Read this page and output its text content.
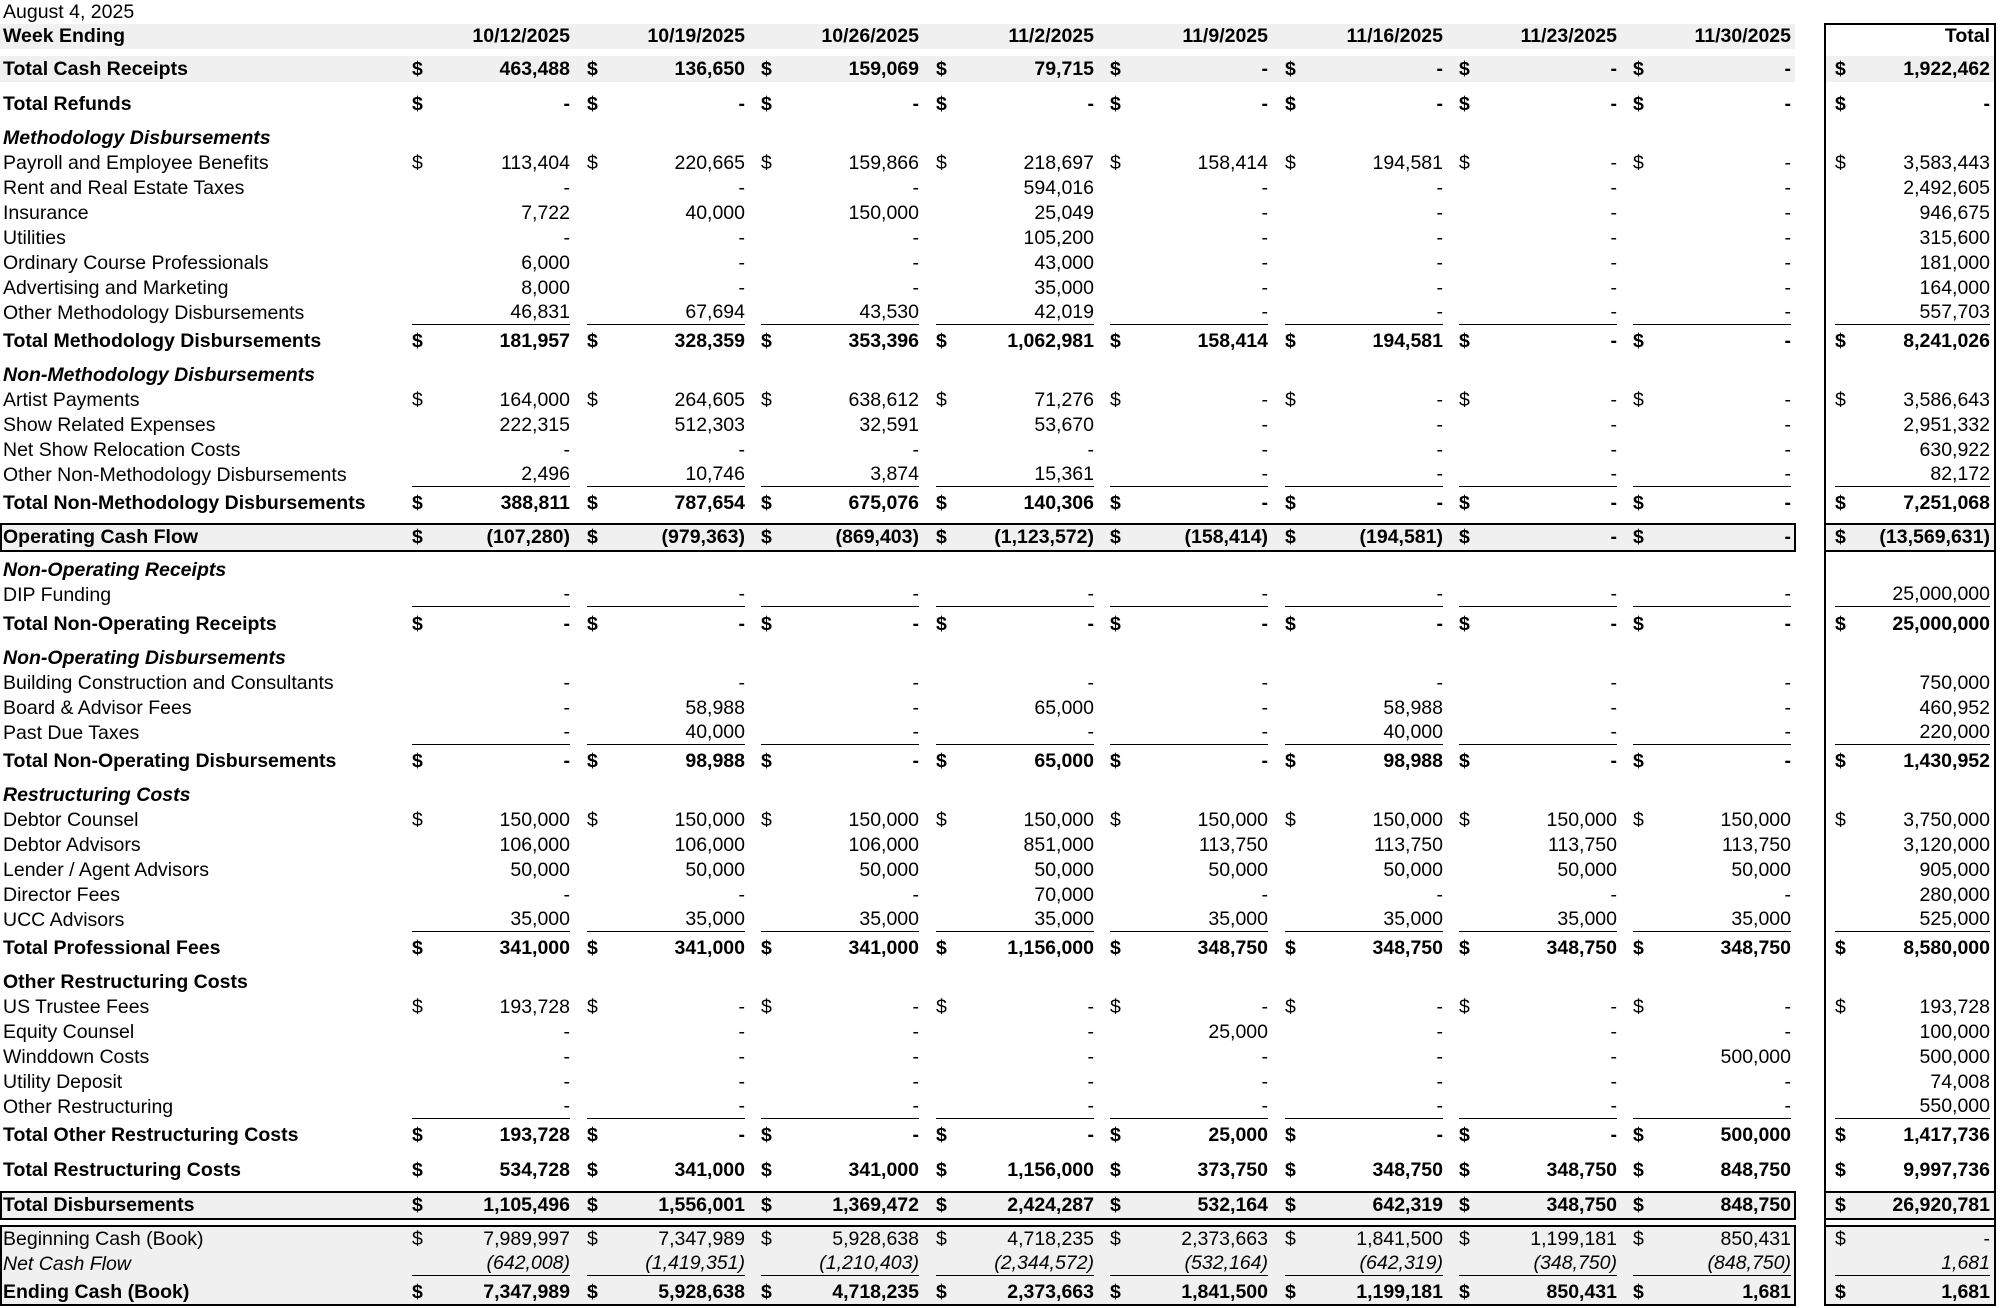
August 4, 2025
Week Ending	10/12/2025	10/19/2025	10/26/2025	11/2/2025	11/9/2025	11/16/2025	11/23/2025	11/30/2025	Total
Total Cash Receipts	$	463,488 $	136,650 $	159,069 $	79,715 $	- $	- $	- $	- $	1,922,462
Total Refunds	$	- $	- $	- $	- $	- $	- $	- $	- $	-
Methodology Disbursements
Payroll and Employee Benefits	$	113,404 $	220,665 $	159,866 $	218,697 $	158,414 $	194,581 $	- $	- $	3,583,443
Rent and Real Estate Taxes	-	-	-	594,016	-	-	-	-	2,492,605
Insurance	7,722	40,000	150,000	25,049	-	-	-	-	946,675
Utilities	-	-	-	105,200	-	-	-	-	315,600
Ordinary Course Professionals	6,000	-	-	43,000	-	-	-	-	181,000
Advertising and Marketing	8,000	-	-	35,000	-	-	-	-	164,000
Other Methodology Disbursements	46,831	67,694	43,530	42,019	-	-	-	-	557,703
Total Methodology Disbursements	$	181,957 $	328,359 $	353,396 $	1,062,981 $	158,414 $	194,581 $	- $	- $	8,241,026
Non-Methodology Disbursements
Artist Payments	$	164,000 $	264,605 $	638,612 $	71,276 $	- $	- $	- $	- $	3,586,643
Show Related Expenses	222,315	512,303	32,591	53,670	-	-	-	-	2,951,332
Net Show Relocation Costs	-	-	-	-	-	-	-	-	630,922
Other Non-Methodology Disbursements	2,496	10,746	3,874	15,361	-	-	-	-	82,172
Total Non-Methodology Disbursements $	388,811 $	787,654 $	675,076 $	140,306 $	- $	- $	- $	- $	7,251,068
Operating Cash Flow	$	(107,280) $	(979,363) $	(869,403) $	(1,123,572) $	(158,414) $	(194,581) $	- $	- $	(13,569,631)
Non-Operating Receipts
DIP Funding	-	-	-	-	-	-	-	-	25,000,000
Total Non-Operating Receipts	$	- $	- $	- $	- $	- $	- $	- $	- $	25,000,000
Non-Operating Disbursements
Building Construction and Consultants	-	-	-	-	-	-	-	-	750,000
Board & Advisor Fees	-	58,988	-	65,000	-	58,988	-	-	460,952
Past Due Taxes	-	40,000	-	-	-	40,000	-	-	220,000
Total Non-Operating Disbursements	$	- $	98,988 $	- $	65,000 $	- $	98,988 $	- $	- $	1,430,952
Restructuring Costs
Debtor Counsel	$	150,000 $	150,000 $	150,000 $	150,000 $	150,000 $	150,000 $	150,000 $	150,000 $	3,750,000
Debtor Advisors	106,000	106,000	106,000	851,000	113,750	113,750	113,750	113,750	3,120,000
Lender / Agent Advisors	50,000	50,000	50,000	50,000	50,000	50,000	50,000	50,000	905,000
Director Fees	-	-	-	70,000	-	-	-	-	280,000
UCC Advisors	35,000	35,000	35,000	35,000	35,000	35,000	35,000	35,000	525,000
Total Professional Fees	$	341,000 $	341,000 $	341,000 $	1,156,000 $	348,750 $	348,750 $	348,750 $	348,750 $	8,580,000
Other Restructuring Costs
US Trustee Fees	$	193,728 $	- $	- $	- $	- $	- $	- $	- $	193,728
Equity Counsel	-	-	-	-	25,000	-	-	-	100,000
Winddown Costs	-	-	-	-	-	-	-	500,000	500,000
Utility Deposit	-	-	-	-	-	-	-	-	74,008
Other Restructuring	-	-	-	-	-	-	-	-	550,000
Total Other Restructuring Costs	$	193,728 $	- $	- $	- $	25,000 $	- $	- $	500,000 $	1,417,736
Total Restructuring Costs	$	534,728 $	341,000 $	341,000 $	1,156,000 $	373,750 $	348,750 $	348,750 $	848,750 $	9,997,736
Total Disbursements	$	1,105,496 $	1,556,001 $	1,369,472 $	2,424,287 $	532,164 $	642,319 $	348,750 $	848,750 $	26,920,781
Beginning Cash (Book)	$	7,989,997 $	7,347,989 $	5,928,638 $	4,718,235 $	2,373,663 $	1,841,500 $	1,199,181 $	850,431 $	-
Net Cash Flow	(642,008)	(1,419,351)	(1,210,403)	(2,344,572)	(532,164)	(642,319)	(348,750)	(848,750)	1,681
Ending Cash (Book)	$	7,347,989 $	5,928,638 $	4,718,235 $	2,373,663 $	1,841,500 $	1,199,181 $	850,431 $	1,681 $	1,681
